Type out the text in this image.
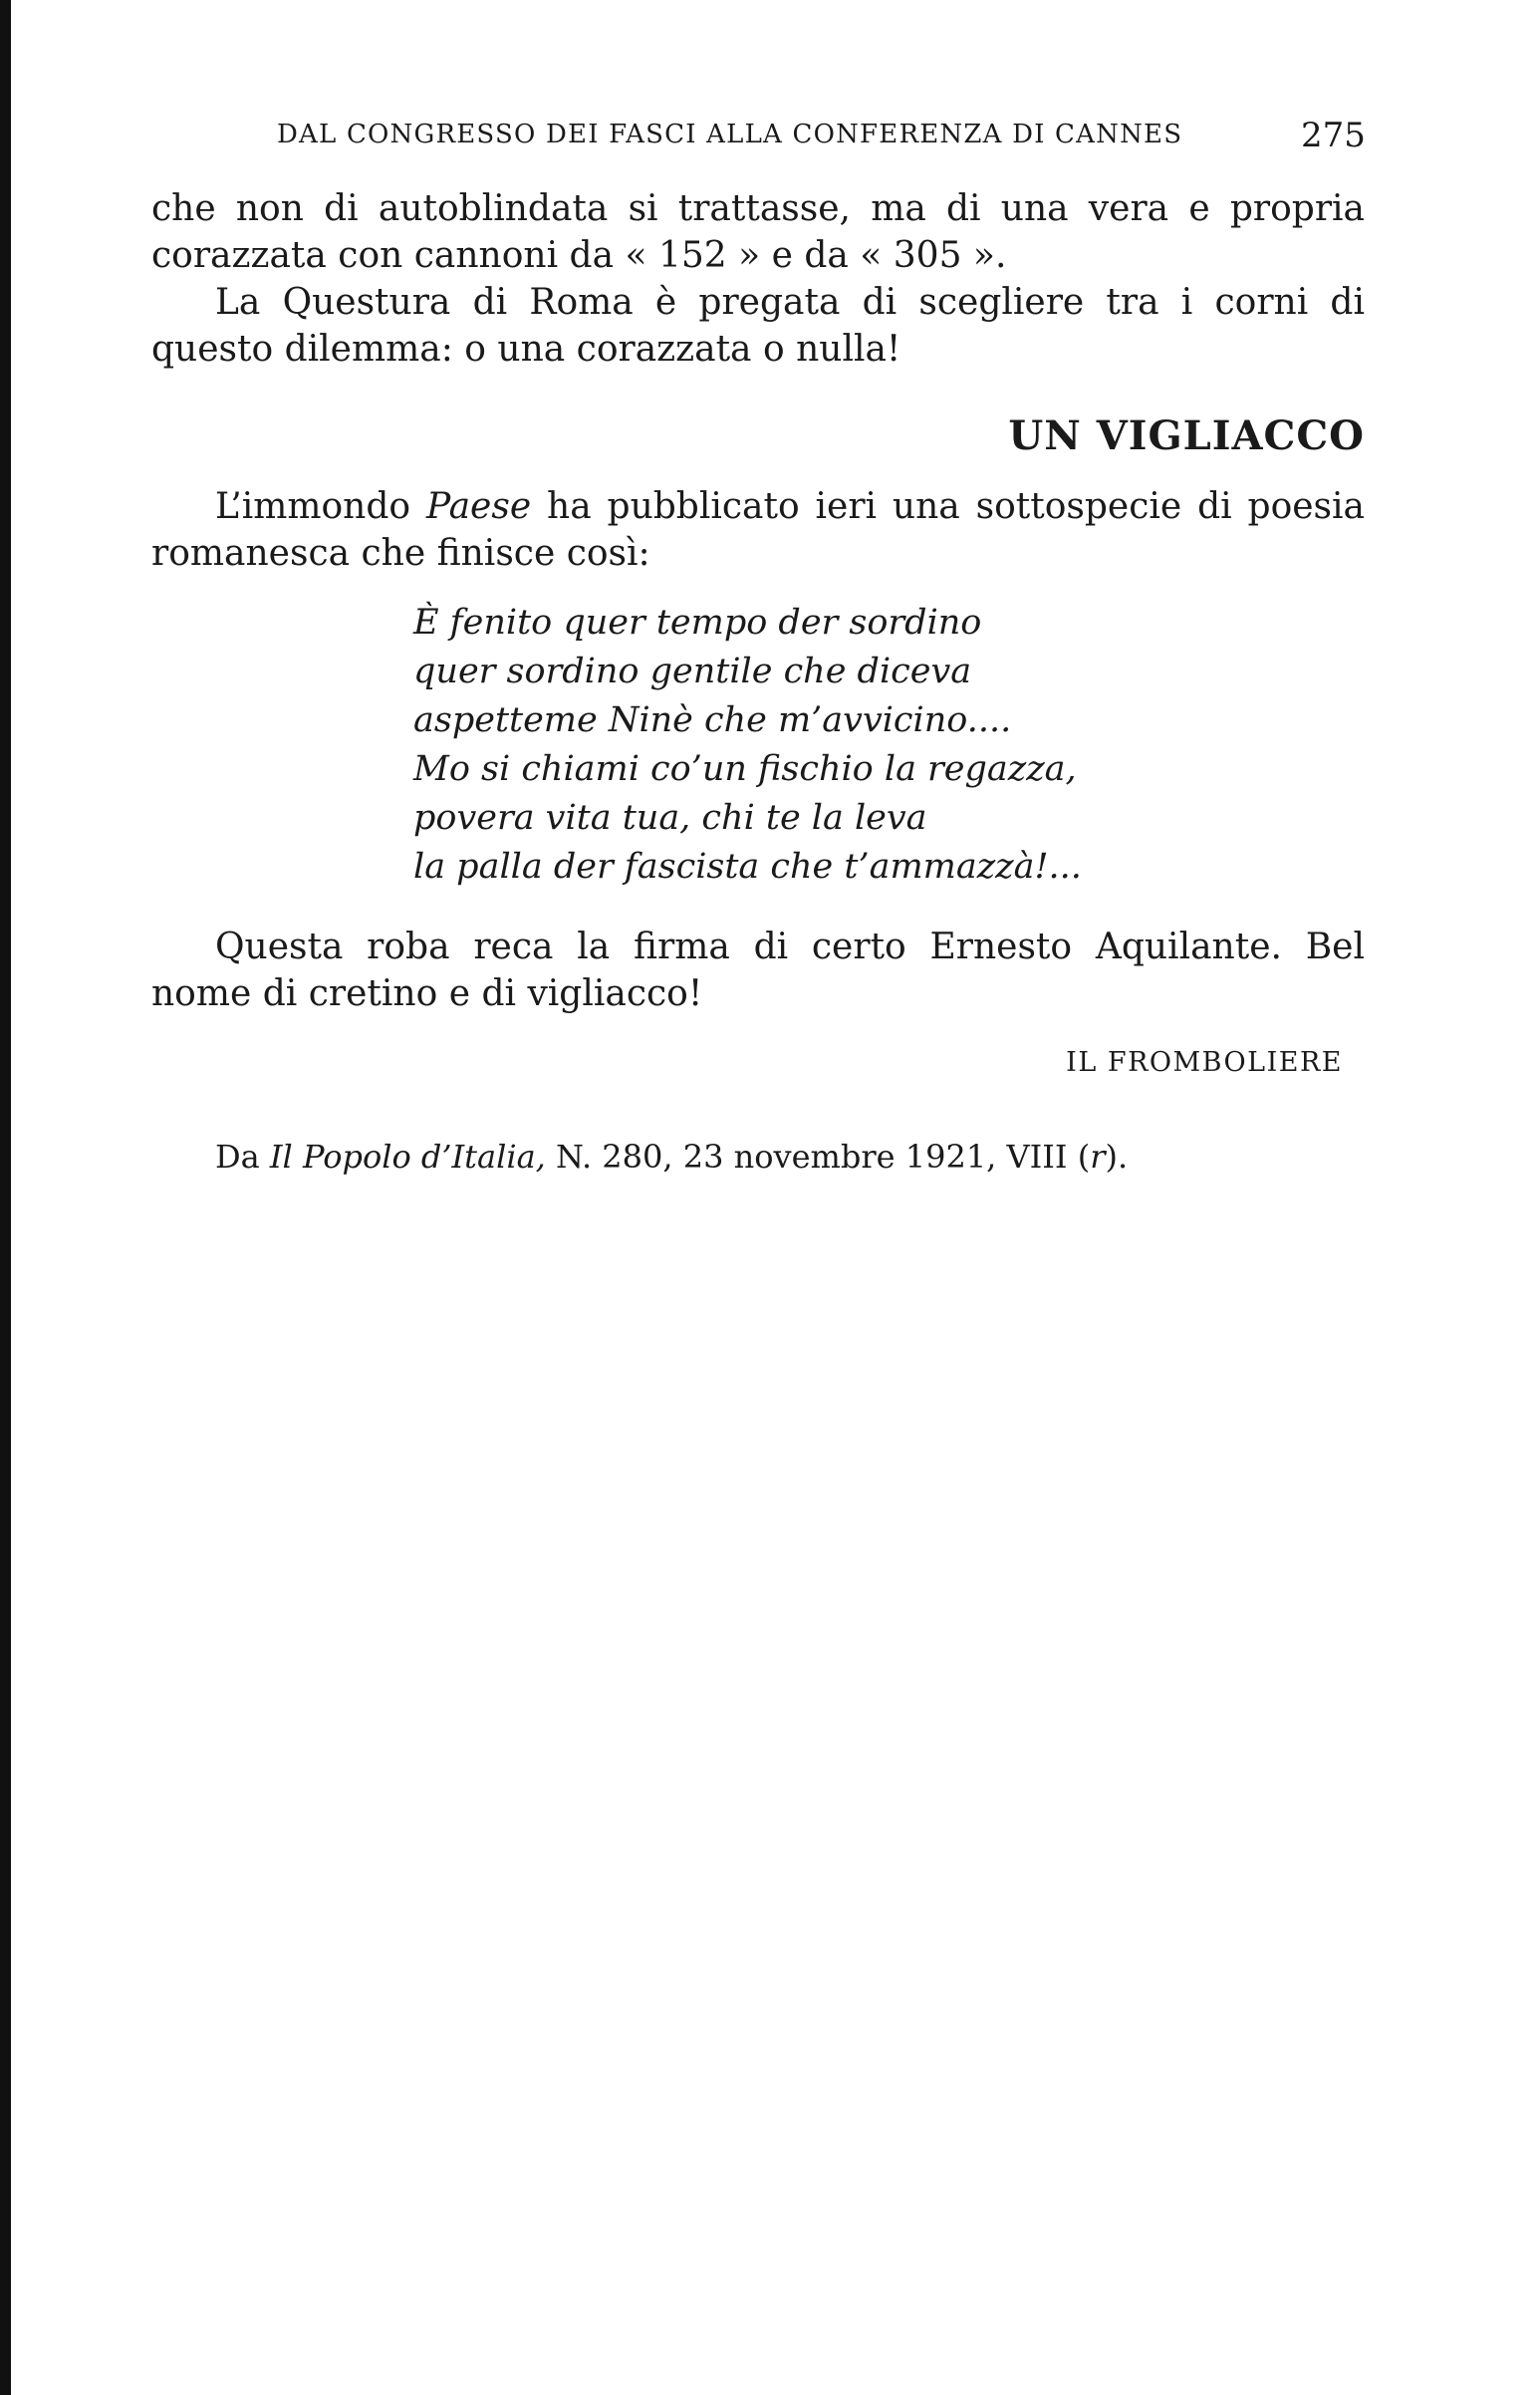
DAL CONGRESSO DEI FASCI ALLA CONFERENZA DI CANNES	275

che non di autoblindata si trattasse, ma di una vera e propria corazzata con cannoni da « 152 » e da « 305 ».

La Questura di Roma è pregata di scegliere tra i corni di questo dilemma: o una corazzata o nulla!

UN VIGLIACCO

L’immondo Paese ha pubblicato ieri una sottospecie di poesia romanesca che finisce così:

È fenito quer tempo der sordino
quer sordino gentile che diceva
aspetteme Ninè che m’avvicino....
Mo si chiami co’un fischio la regazza,
povera vita tua, chi te la leva
la palla der fascista che t’ammazzà!...

Questa roba reca la firma di certo Ernesto Aquilante. Bel nome di cretino e di vigliacco!

IL FROMBOLIERE
Da Il Popolo d’Italia, N. 280, 23 novembre 1921, VIII (r).
